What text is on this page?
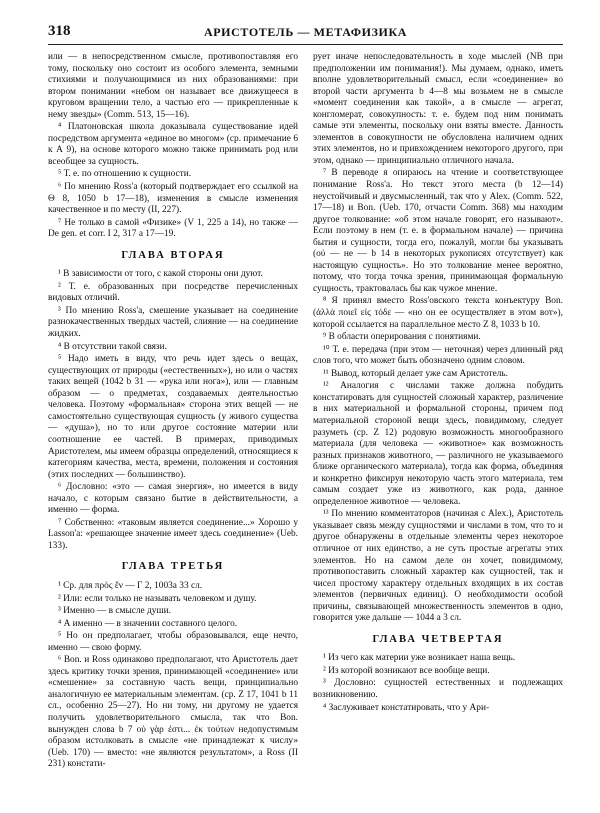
318	АРИСТОТЕЛЬ — МЕТАФИЗИКА

или — в непосредственном смысле, противопоставляя его тому, поскольку оно состоит из особого элемента, земными стихиями и получающимися из них образованиями: при втором понимании «небом он называет все движущееся в круговом вращении тело, а частью его — прикрепленные к нему звезды» (Comm. 513, 15—16).

⁴ Платоновская школа доказывала существование идей посредством аргумента «единое во многом» (ср. примечание 6 к А 9), на основе которого можно также принимать род или всеобщее за сущность.

⁵ Т. е. по отношению к сущности.

⁶ По мнению Ross'а (который подтверждает его ссылкой на Θ 8, 1050 b 17—18), изменения в смысле изменения качественное и по месту (II, 227).

⁷ Не только в самой «Физике» (V 1, 225 a 14), но также — De gen. et corr. I 2, 317 a 17—19.

ГЛАВА ВТОРАЯ

¹ В зависимости от того, с какой стороны они дуют.

² Т. е. образованных при посредстве перечисленных видовых отличий.

³ По мнению Ross'a, смешение указывает на соединение разнокачественных твердых частей, слияние — на соединение жидких.

⁴ В отсутствии такой связи.

⁵ Надо иметь в виду, что речь идет здесь о вещах, существующих от природы («естественных»), но или о частях таких вещей (1042 b 31 — «рука или нога»), или — главным образом — о предметах, создаваемых деятельностью человека. Поэтому «формальная» сторона этих вещей — не самостоятельно существующая сущность (у живого существа — «душа»), но то или другое состояние материи или соотношение ее частей. В примерах, приводимых Аристотелем, мы имеем образцы определений, относящиеся к категориям качества, места, времени, положения и состояния (этих последних — большинство).

⁶ Дословно: «это — самая энергия», но имеется в виду начало, с которым связано бытие в действительности, а именно — форма.

⁷ Собственно: «таковым является соединение...» Хорошо у Lasson'а: «решающее значение имеет здесь соединение» (Ueb. 133).

ГЛАВА ТРЕТЬЯ

¹ Ср. для πρὸς ἕν — Г 2, 1003a 33 сл.

² Или: если только не называть человеком и душу.

³ Именно — в смысле души.

⁴ А именно — в значении составного целого.

⁵ Но он предполагает, чтобы образовывался, еще нечто, именно — свою форму.

⁶ Bon. и Ross одинаково предполагают, что Аристотель дает здесь критику точки зрения, принимающей «соединение» или «смешение» за составную часть вещи, принципиально аналогичную ее материальным элементам. (ср. Z 17, 1041 b 11 сл., особенно 25—27). Но ни тому, ни другому не удается получить удовлетворительного смысла, так что Bon. вынужден слова b 7 οὐ γὰρ ἐστι... ἐκ τούτων недопустимым образом истолковать в смысле «не принадлежат к числу» (Ueb. 170) — вместо: «не являются результатом», а Ross (II 231) констати-

рует иначе непоследовательность в ходе мыслей (NB при предположении им понимания!). Мы думаем, однако, иметь вполне удовлетворительный смысл, если «соединение» во второй части аргумента b 4—8 мы возьмем не в смысле «момент соединения как такой», а в смысле — агрегат, конгломерат, совокупность: т. е. будем под ним понимать самые эти элементы, поскольку они взяты вместе. Данность элементов в совокупности не обусловлена наличием одних этих элементов, но и привхождением некоторого другого, при этом, однако — принципиально отличного начала.

⁷ В переводе я опираюсь на чтение и соответствующее понимание Ross'а. Но текст этого места (b 12—14) неустойчивый и двусмысленный, так что у Alex. (Comm. 522, 17—18) и Bon. (Ueb. 170, отчасти Comm. 368) мы находим другое толкование: «об этом начале говорят, его называют». Если поэтому в нем (т. е. в формальном начале) — причина бытия и сущности, тогда его, пожалуй, могли бы указывать (οὐ — не — b 14 в некоторых рукописях отсутствует) как настоящую сущность». Но это толкование менее вероятно, потому, что тогда точка зрения, принимающая формальную сущность, трактовалась бы как чужое мнение.

⁸ Я принял вместо Ross'овского текста конъектуру Bon. (ἀλλὰ ποιεῖ εἰς τόδε — «но он ее осуществляет в этом вот»), которой ссылается на параллельное место Z 8, 1033 b 10.

⁹ В области оперирования с понятиями.

¹⁰ Т. е. передача (при этом — неточная) через длинный ряд слов того, что может быть обозначено одним словом.

¹¹ Вывод, который делает уже сам Аристотель.

¹² Аналогия с числами также должна побудить констатировать для сущностей сложный характер, различение в них материальной и формальной стороны, причем под материальной стороной вещи здесь, повидимому, следует разуметь (ср. Z 12) родовую возможность многообразного материала (для человека — «животное» как возможность разных признаков животного, — различного не указываемого ближе органического материала), тогда как форма, объединяя и конкретно фиксируя некоторую часть этого материала, тем самым создает уже из животного, как рода, данное определенное животное — человека.

¹³ По мнению комментаторов (начиная с Alex.), Аристотель указывает связь между сущностями и числами в том, что то и другое обнаружены в отдельные элементы через некоторое отличное от них единство, а не суть простые агрегаты этих элементов. Но на самом деле он хочет, повидимому, противопоставить сложный характер как сущностей, так и чисел простому характеру отдельных входящих в их состав элементов (первичных единиц). О необходимости особой причины, связывающей множественность элементов в одно, говорится уже дальше — 1044 a 3 сл.

ГЛАВА ЧЕТВЕРТАЯ

¹ Из чего как материи уже возникает наша вещь.

² Из которой возникают все вообще вещи.

³ Дословно: сущностей естественных и подлежащих возникновению.

⁴ Заслуживает констатировать, что у Ари-
